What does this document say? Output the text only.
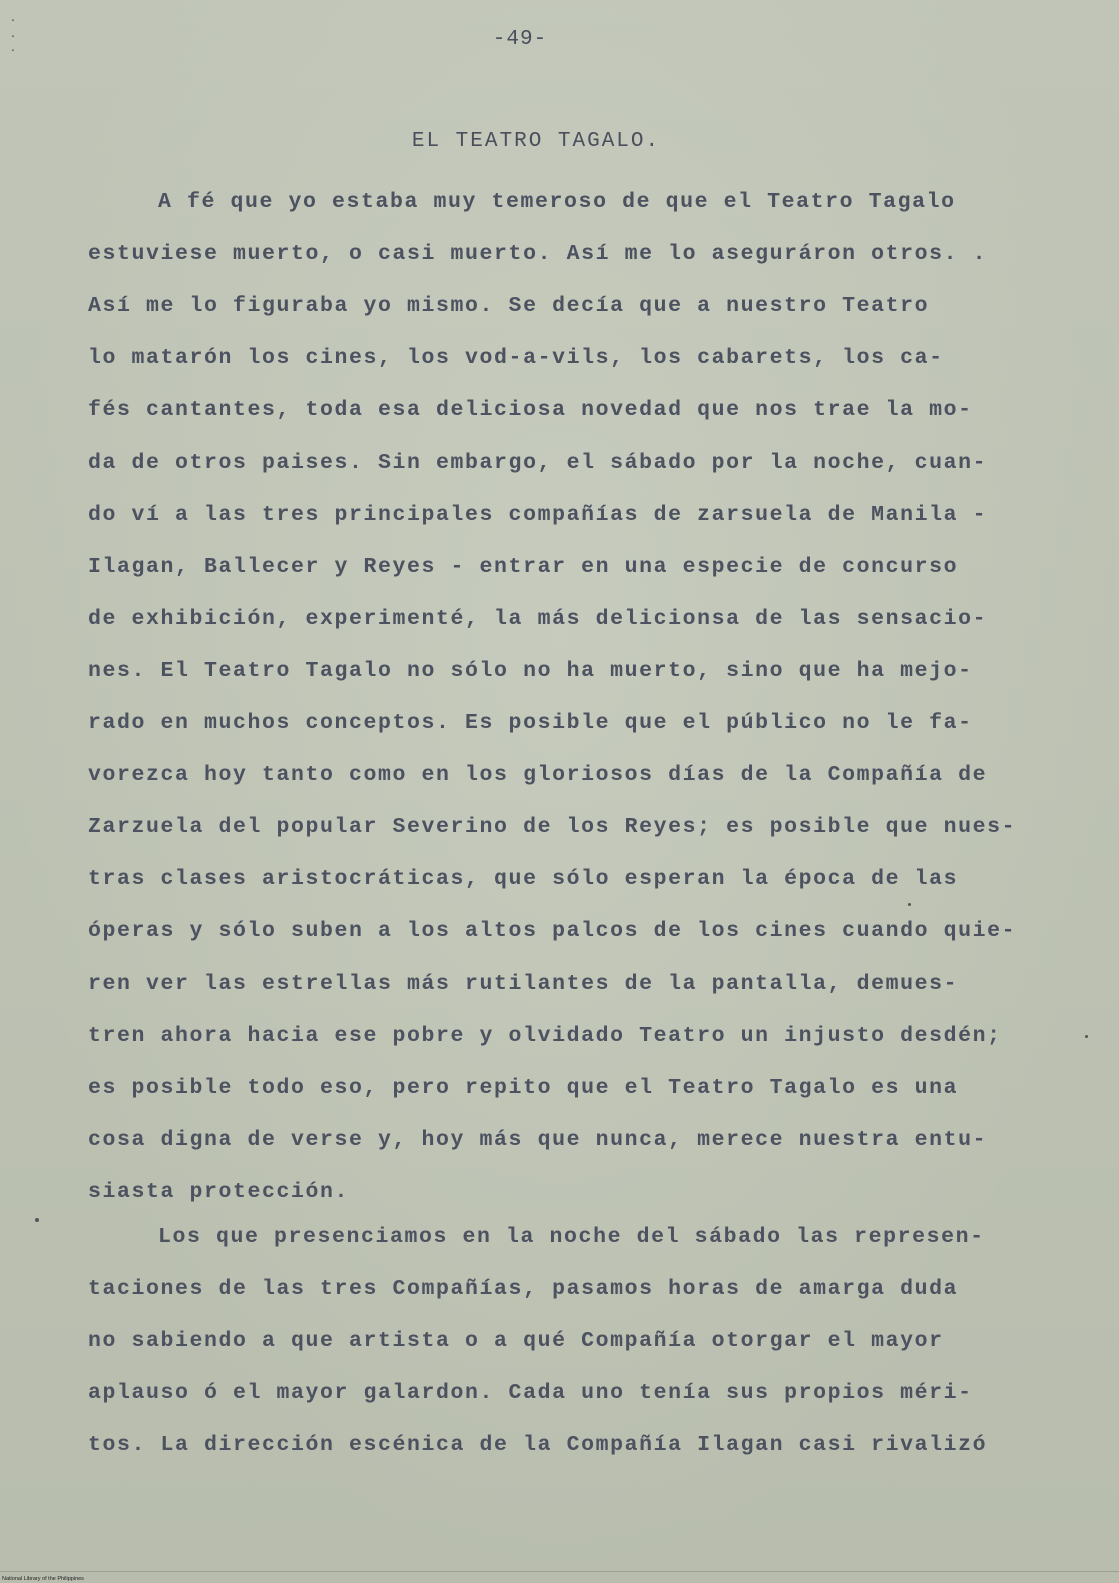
.
.
.	-49-
EL TEATRO TAGALO.
A fé que yo estaba muy temeroso de que el Teatro Tagalo
estuviese muerto, o casi muerto. Así me lo aseguráron otros. .
Así me lo figuraba yo mismo. Se decía que a nuestro Teatro
lo matarón los cines, los vod-a-vils, los cabarets, los ca-
fés cantantes, toda esa deliciosa novedad que nos trae la mo-
da de otros paises. Sin embargo, el sábado por la noche, cuan-
do ví a las tres principales compañías de zarsuela de Manila -
Ilagan, Ballecer y Reyes - entrar en una especie de concurso
de exhibición, experimenté, la más delicionsa de las sensacio-
nes. El Teatro Tagalo no sólo no ha muerto, sino que ha mejo-
rado en muchos conceptos. Es posible que el público no le fa-
vorezca hoy tanto como en los gloriosos días de la Compañía de
Zarzuela del popular Severino de los Reyes; es posible que nues-
tras clases aristocráticas, que sólo esperan la época de las
óperas y sólo suben a los altos palcos de los cines cuando quie-
ren ver las estrellas más rutilantes de la pantalla, demues-
tren ahora hacia ese pobre y olvidado Teatro un injusto desdén;
es posible todo eso, pero repito que el Teatro Tagalo es una
cosa digna de verse y, hoy más que nunca, merece nuestra entu-
siasta protección.
Los que presenciamos en la noche del sábado las represen-
taciones de las tres Compañías, pasamos horas de amarga duda
no sabiendo a que artista o a qué Compañía otorgar el mayor
aplauso ó el mayor galardon. Cada uno tenía sus propios méri-
tos. La dirección escénica de la Compañía Ilagan casi rivalizó
National Library of the Philippines
